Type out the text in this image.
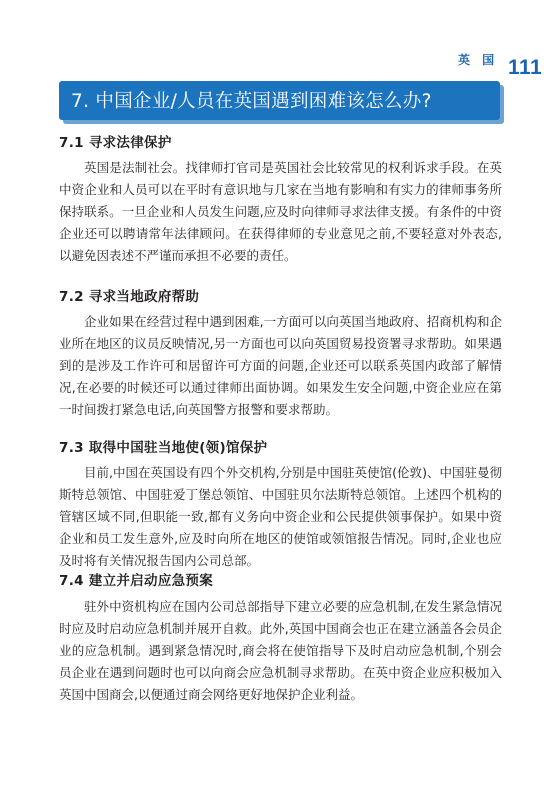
英 国 111
7. 中国企业/人员在英国遇到困难该怎么办?
7.1 寻求法律保护
英国是法制社会。找律师打官司是英国社会比较常见的权利诉求手段。在英中资企业和人员可以在平时有意识地与几家在当地有影响和有实力的律师事务所保持联系。一旦企业和人员发生问题,应及时向律师寻求法律支援。有条件的中资企业还可以聘请常年法律顾问。在获得律师的专业意见之前,不要轻意对外表态,以避免因表述不严谨而承担不必要的责任。
7.2 寻求当地政府帮助
企业如果在经营过程中遇到困难,一方面可以向英国当地政府、招商机构和企业所在地区的议员反映情况,另一方面也可以向英国贸易投资署寻求帮助。如果遇到的是涉及工作许可和居留许可方面的问题,企业还可以联系英国内政部了解情况,在必要的时候还可以通过律师出面协调。如果发生安全问题,中资企业应在第一时间拨打紧急电话,向英国警方报警和要求帮助。
7.3 取得中国驻当地使(领)馆保护
目前,中国在英国设有四个外交机构,分别是中国驻英使馆(伦敦)、中国驻曼彻斯特总领馆、中国驻爱丁堡总领馆、中国驻贝尔法斯特总领馆。上述四个机构的管辖区域不同,但职能一致,都有义务向中资企业和公民提供领事保护。如果中资企业和员工发生意外,应及时向所在地区的使馆或领馆报告情况。同时,企业也应及时将有关情况报告国内公司总部。
7.4 建立并启动应急预案
驻外中资机构应在国内公司总部指导下建立必要的应急机制,在发生紧急情况时应及时启动应急机制并展开自救。此外,英国中国商会也正在建立涵盖各会员企业的应急机制。遇到紧急情况时,商会将在使馆指导下及时启动应急机制,个别会员企业在遇到问题时也可以向商会应急机制寻求帮助。在英中资企业应积极加入英国中国商会,以便通过商会网络更好地保护企业利益。
